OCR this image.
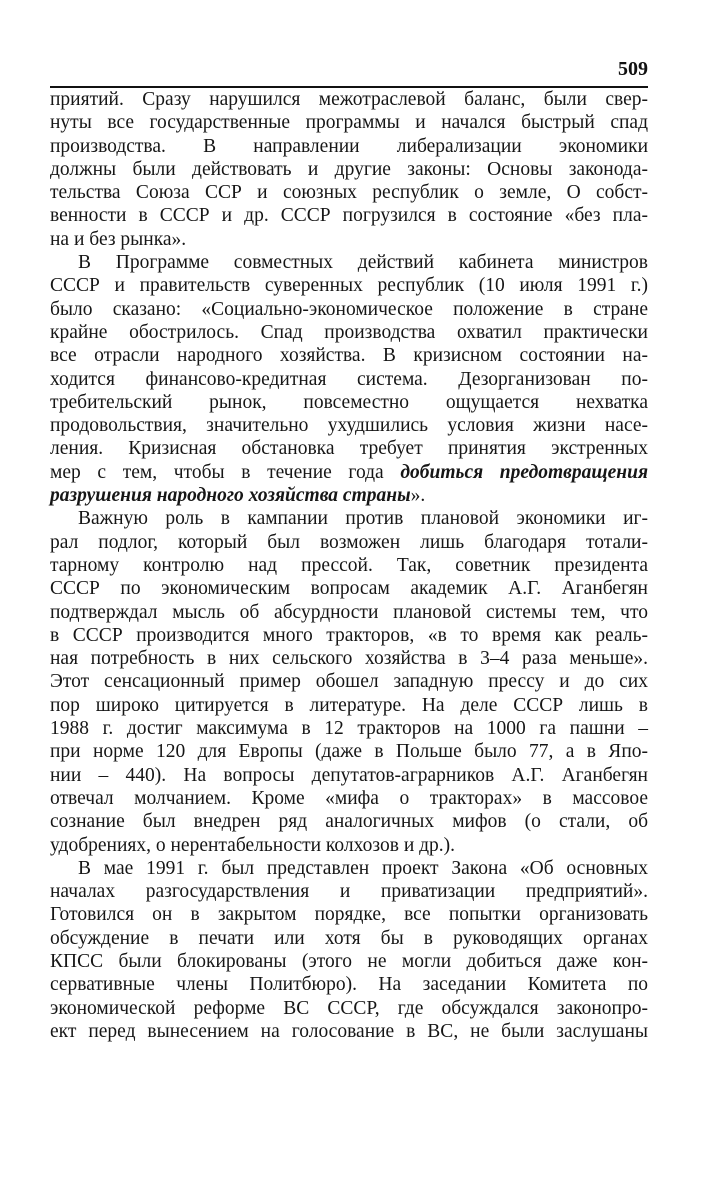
509

приятий. Сразу нарушился межотраслевой баланс, были свер-
нуты все государственные программы и начался быстрый спад
производства. В направлении либерализации экономики
должны были действовать и другие законы: Основы законода-
тельства Союза ССР и союзных республик о земле, О собст-
венности в СССР и др. СССР погрузился в состояние «без пла-
на и без рынка».

В Программе совместных действий кабинета министров
СССР и правительств суверенных республик (10 июля 1991 г.)
было сказано: «Социально-экономическое положение в стране
крайне обострилось. Спад производства охватил практически
все отрасли народного хозяйства. В кризисном состоянии на-
ходится финансово-кредитная система. Дезорганизован по-
требительский рынок, повсеместно ощущается нехватка
продовольствия, значительно ухудшились условия жизни насе-
ления. Кризисная обстановка требует принятия экстренных
мер с тем, чтобы в течение года добиться предотвращения
разрушения народного хозяйства страны».

Важную роль в кампании против плановой экономики иг-
рал подлог, который был возможен лишь благодаря тотали-
тарному контролю над прессой. Так, советник президента
СССР по экономическим вопросам академик А.Г. Аганбегян
подтверждал мысль об абсурдности плановой системы тем, что
в СССР производится много тракторов, «в то время как реаль-
ная потребность в них сельского хозяйства в 3–4 раза меньше».
Этот сенсационный пример обошел западную прессу и до сих
пор широко цитируется в литературе. На деле СССР лишь в
1988 г. достиг максимума в 12 тракторов на 1000 га пашни –
при норме 120 для Европы (даже в Польше было 77, а в Япо-
нии – 440). На вопросы депутатов-аграрников А.Г. Аганбегян
отвечал молчанием. Кроме «мифа о тракторах» в массовое
сознание был внедрен ряд аналогичных мифов (о стали, об
удобрениях, о нерентабельности колхозов и др.).

В мае 1991 г. был представлен проект Закона «Об основных
началах разгосударствления и приватизации предприятий».
Готовился он в закрытом порядке, все попытки организовать
обсуждение в печати или хотя бы в руководящих органах
КПСС были блокированы (этого не могли добиться даже кон-
сервативные члены Политбюро). На заседании Комитета по
экономической реформе ВС СССР, где обсуждался законопро-
ект перед вынесением на голосование в ВС, не были заслушаны
